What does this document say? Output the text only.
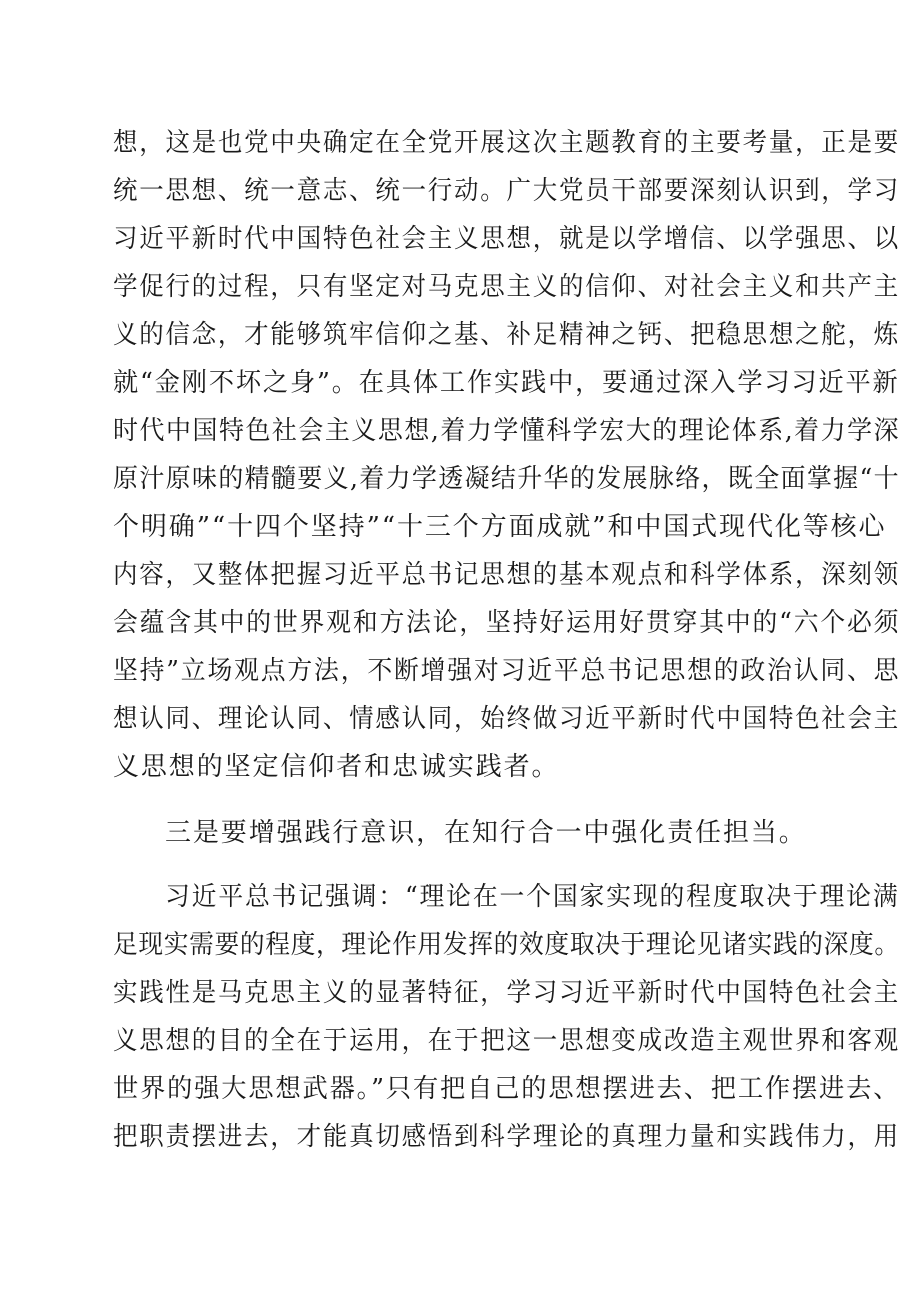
想，这是也党中央确定在全党开展这次主题教育的主要考量，正是要
统一思想、统一意志、统一行动。广大党员干部要深刻认识到，学习
习近平新时代中国特色社会主义思想，就是以学增信、以学强思、以
学促行的过程，只有坚定对马克思主义的信仰、对社会主义和共产主
义的信念，才能够筑牢信仰之基、补足精神之钙、把稳思想之舵，炼
就“金刚不坏之身”。在具体工作实践中，要通过深入学习习近平新
时代中国特色社会主义思想,着力学懂科学宏大的理论体系,着力学深
原汁原味的精髓要义,着力学透凝结升华的发展脉络，既全面掌握“十
个明确”“十四个坚持”“十三个方面成就”和中国式现代化等核心
内容，又整体把握习近平总书记思想的基本观点和科学体系，深刻领
会蕴含其中的世界观和方法论，坚持好运用好贯穿其中的“六个必须
坚持”立场观点方法，不断增强对习近平总书记思想的政治认同、思
想认同、理论认同、情感认同，始终做习近平新时代中国特色社会主
义思想的坚定信仰者和忠诚实践者。
三是要增强践行意识，在知行合一中强化责任担当。
习近平总书记强调：“理论在一个国家实现的程度取决于理论满
足现实需要的程度，理论作用发挥的效度取决于理论见诸实践的深度。
实践性是马克思主义的显著特征，学习习近平新时代中国特色社会主
义思想的目的全在于运用，在于把这一思想变成改造主观世界和客观
世界的强大思想武器。”只有把自己的思想摆进去、把工作摆进去、
把职责摆进去，才能真切感悟到科学理论的真理力量和实践伟力，用
